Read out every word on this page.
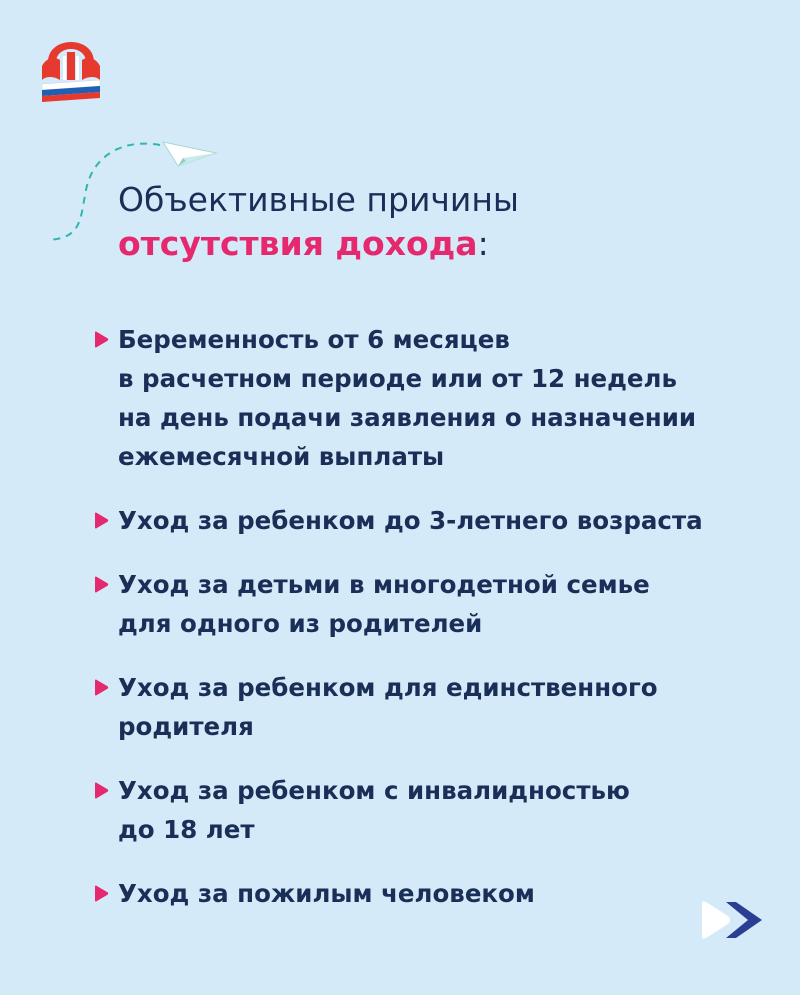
Объективные причины
отсутствия дохода:
Беременность от 6 месяцев
в расчетном периоде или от 12 недель
на день подачи заявления о назначении
ежемесячной выплаты
Уход за ребенком до 3-летнего возраста
Уход за детьми в многодетной семье
для одного из родителей
Уход за ребенком для единственного
родителя
Уход за ребенком с инвалидностью
до 18 лет
Уход за пожилым человеком
